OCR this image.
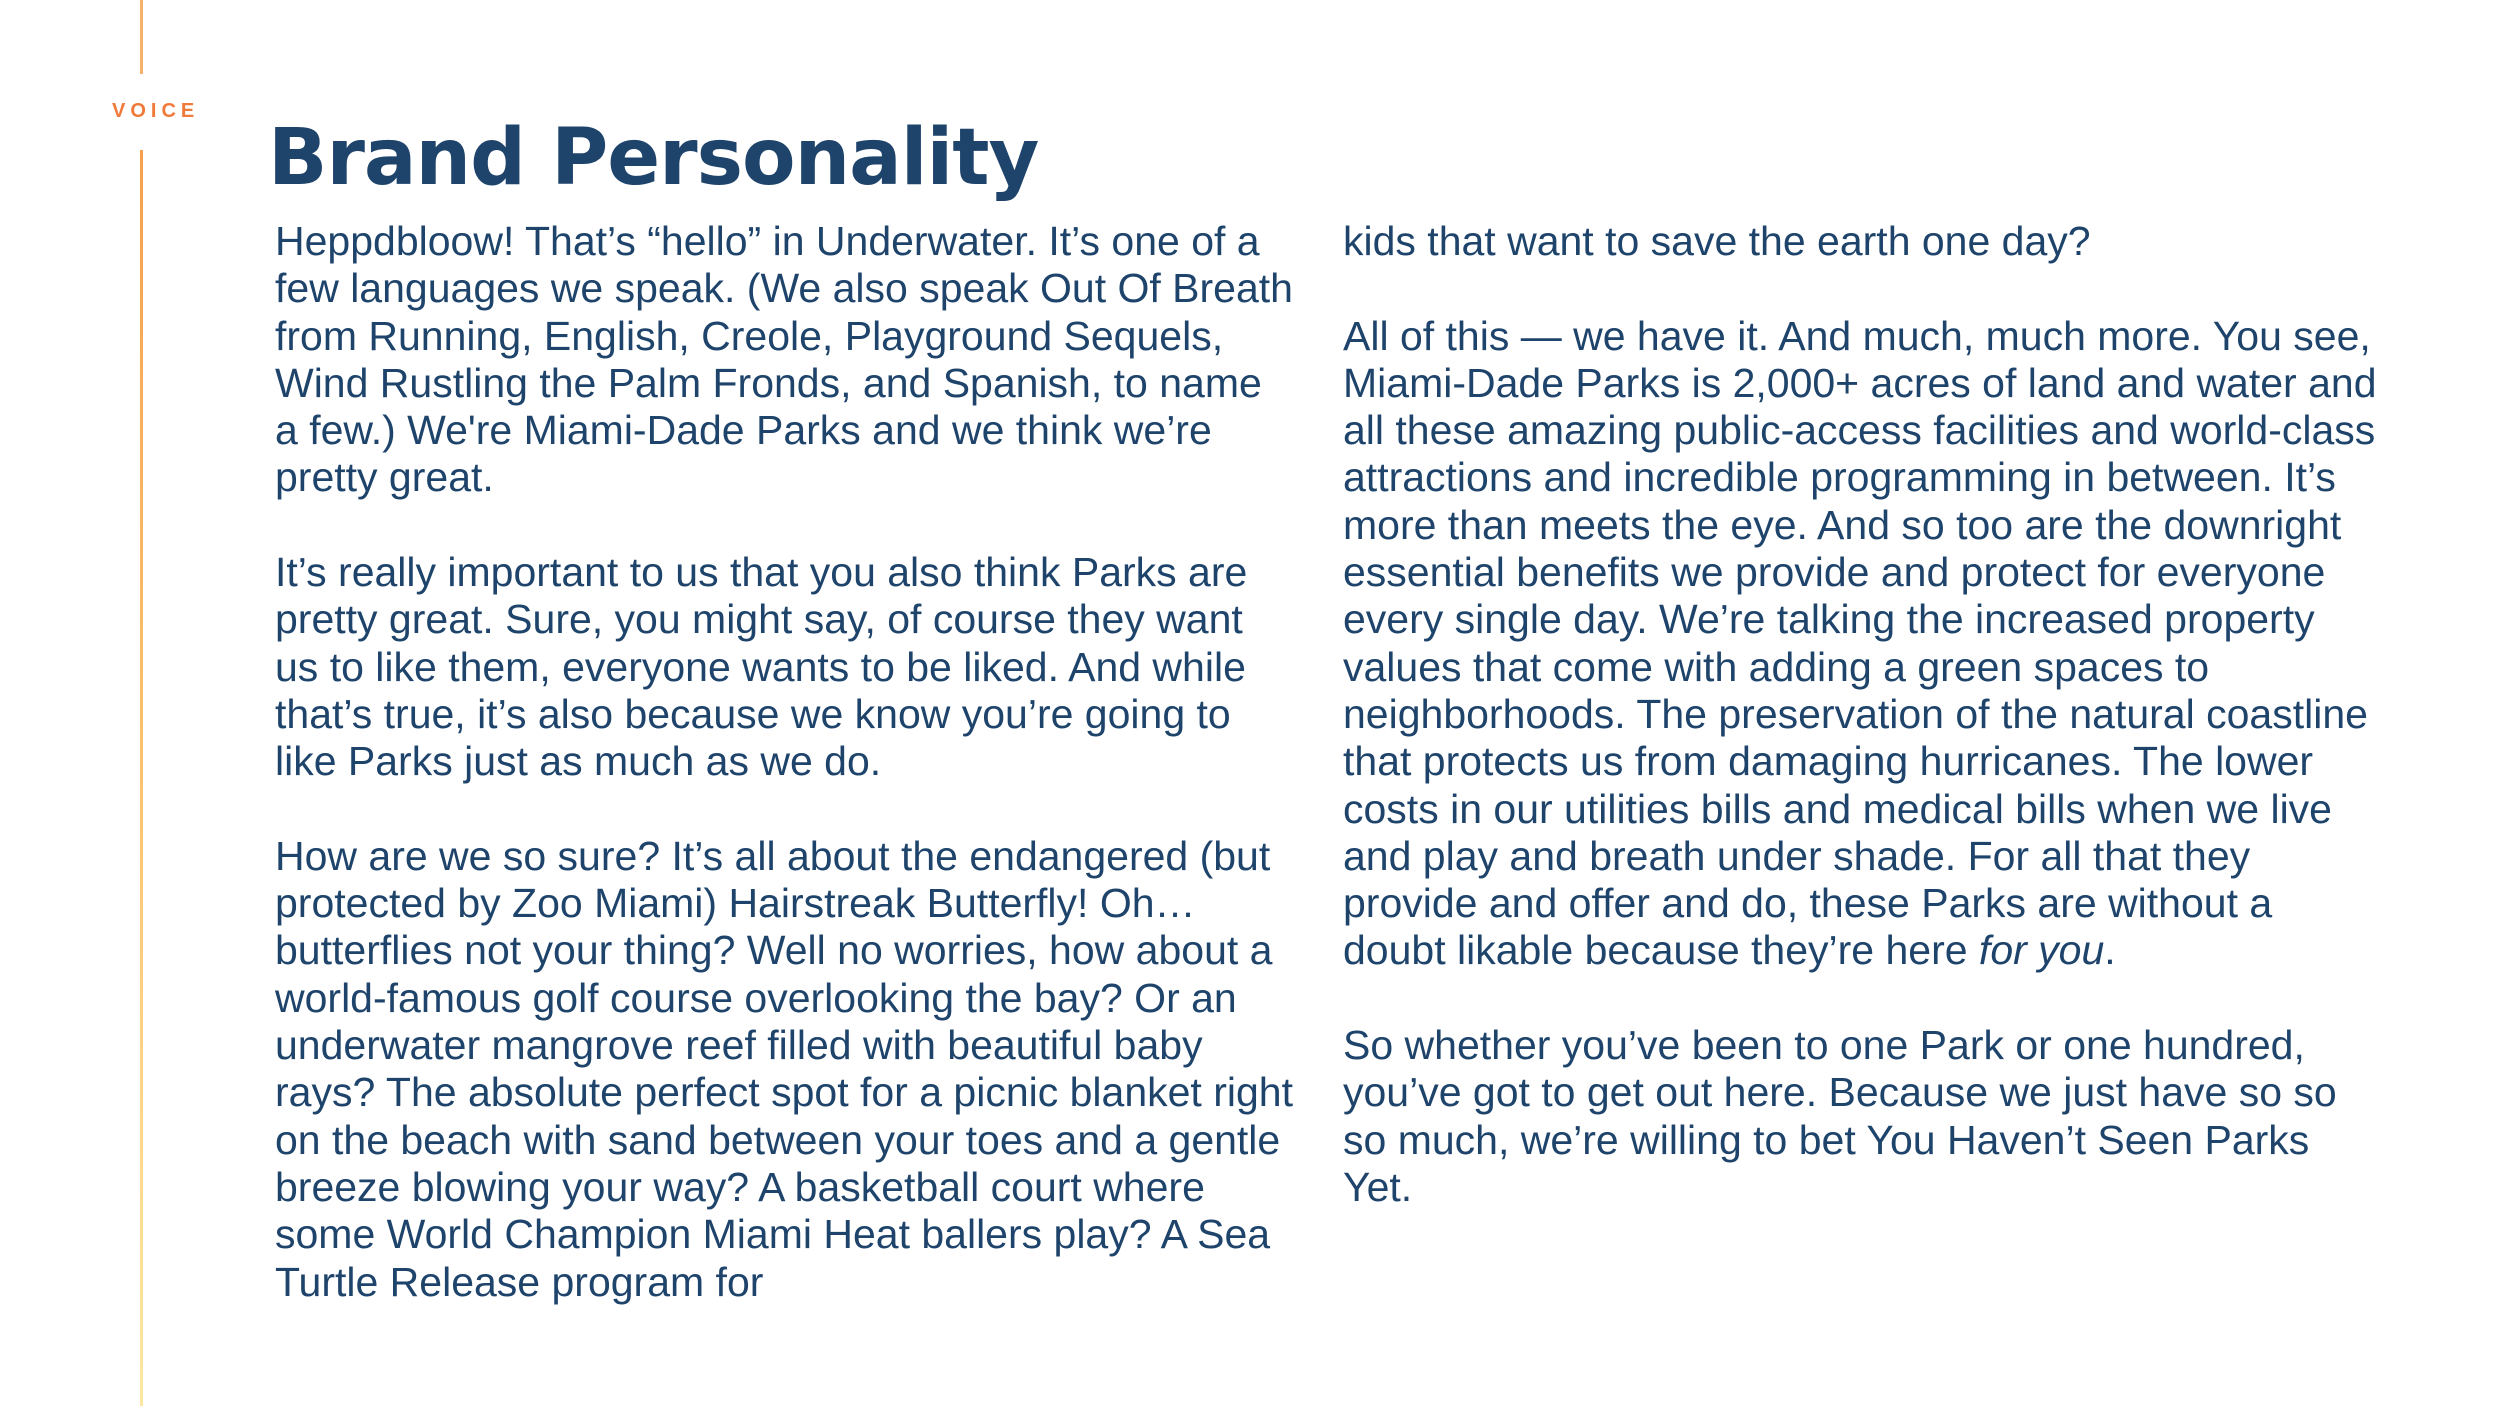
VOICE
Brand Personality

Heppdbloow! That’s “hello” in Underwater. It’s one of a few languages we speak. (We also speak Out Of Breath from Running, English, Creole, Playground Sequels, Wind Rustling the Palm Fronds, and Spanish, to name a few.) We're Miami-Dade Parks and we think we’re pretty great.

It’s really important to us that you also think Parks are pretty great. Sure, you might say, of course they want us to like them, everyone wants to be liked. And while that’s true, it’s also because we know you’re going to like Parks just as much as we do.

How are we so sure? It’s all about the endangered (but protected by Zoo Miami) Hairstreak Butterfly! Oh…butterflies not your thing? Well no worries, how about a world-famous golf course overlooking the bay? Or an underwater mangrove reef filled with beautiful baby rays? The absolute perfect spot for a picnic blanket right on the beach with sand between your toes and a gentle breeze blowing your way? A basketball court where some World Champion Miami Heat ballers play? A Sea Turtle Release program for

kids that want to save the earth one day?

All of this — we have it. And much, much more. You see, Miami-Dade Parks is 2,000+ acres of land and water and all these amazing public-access facilities and world-class attractions and incredible programming in between. It’s more than meets the eye. And so too are the downright essential benefits we provide and protect for everyone every single day. We’re talking the increased property values that come with adding a green spaces to neighborhoods. The preservation of the natural coastline that protects us from damaging hurricanes. The lower costs in our utilities bills and medical bills when we live and play and breath under shade. For all that they provide and offer and do, these Parks are without a doubt likable because they’re here for you.

So whether you’ve been to one Park or one hundred, you’ve got to get out here. Because we just have so so so much, we’re willing to bet You Haven’t Seen Parks Yet.
